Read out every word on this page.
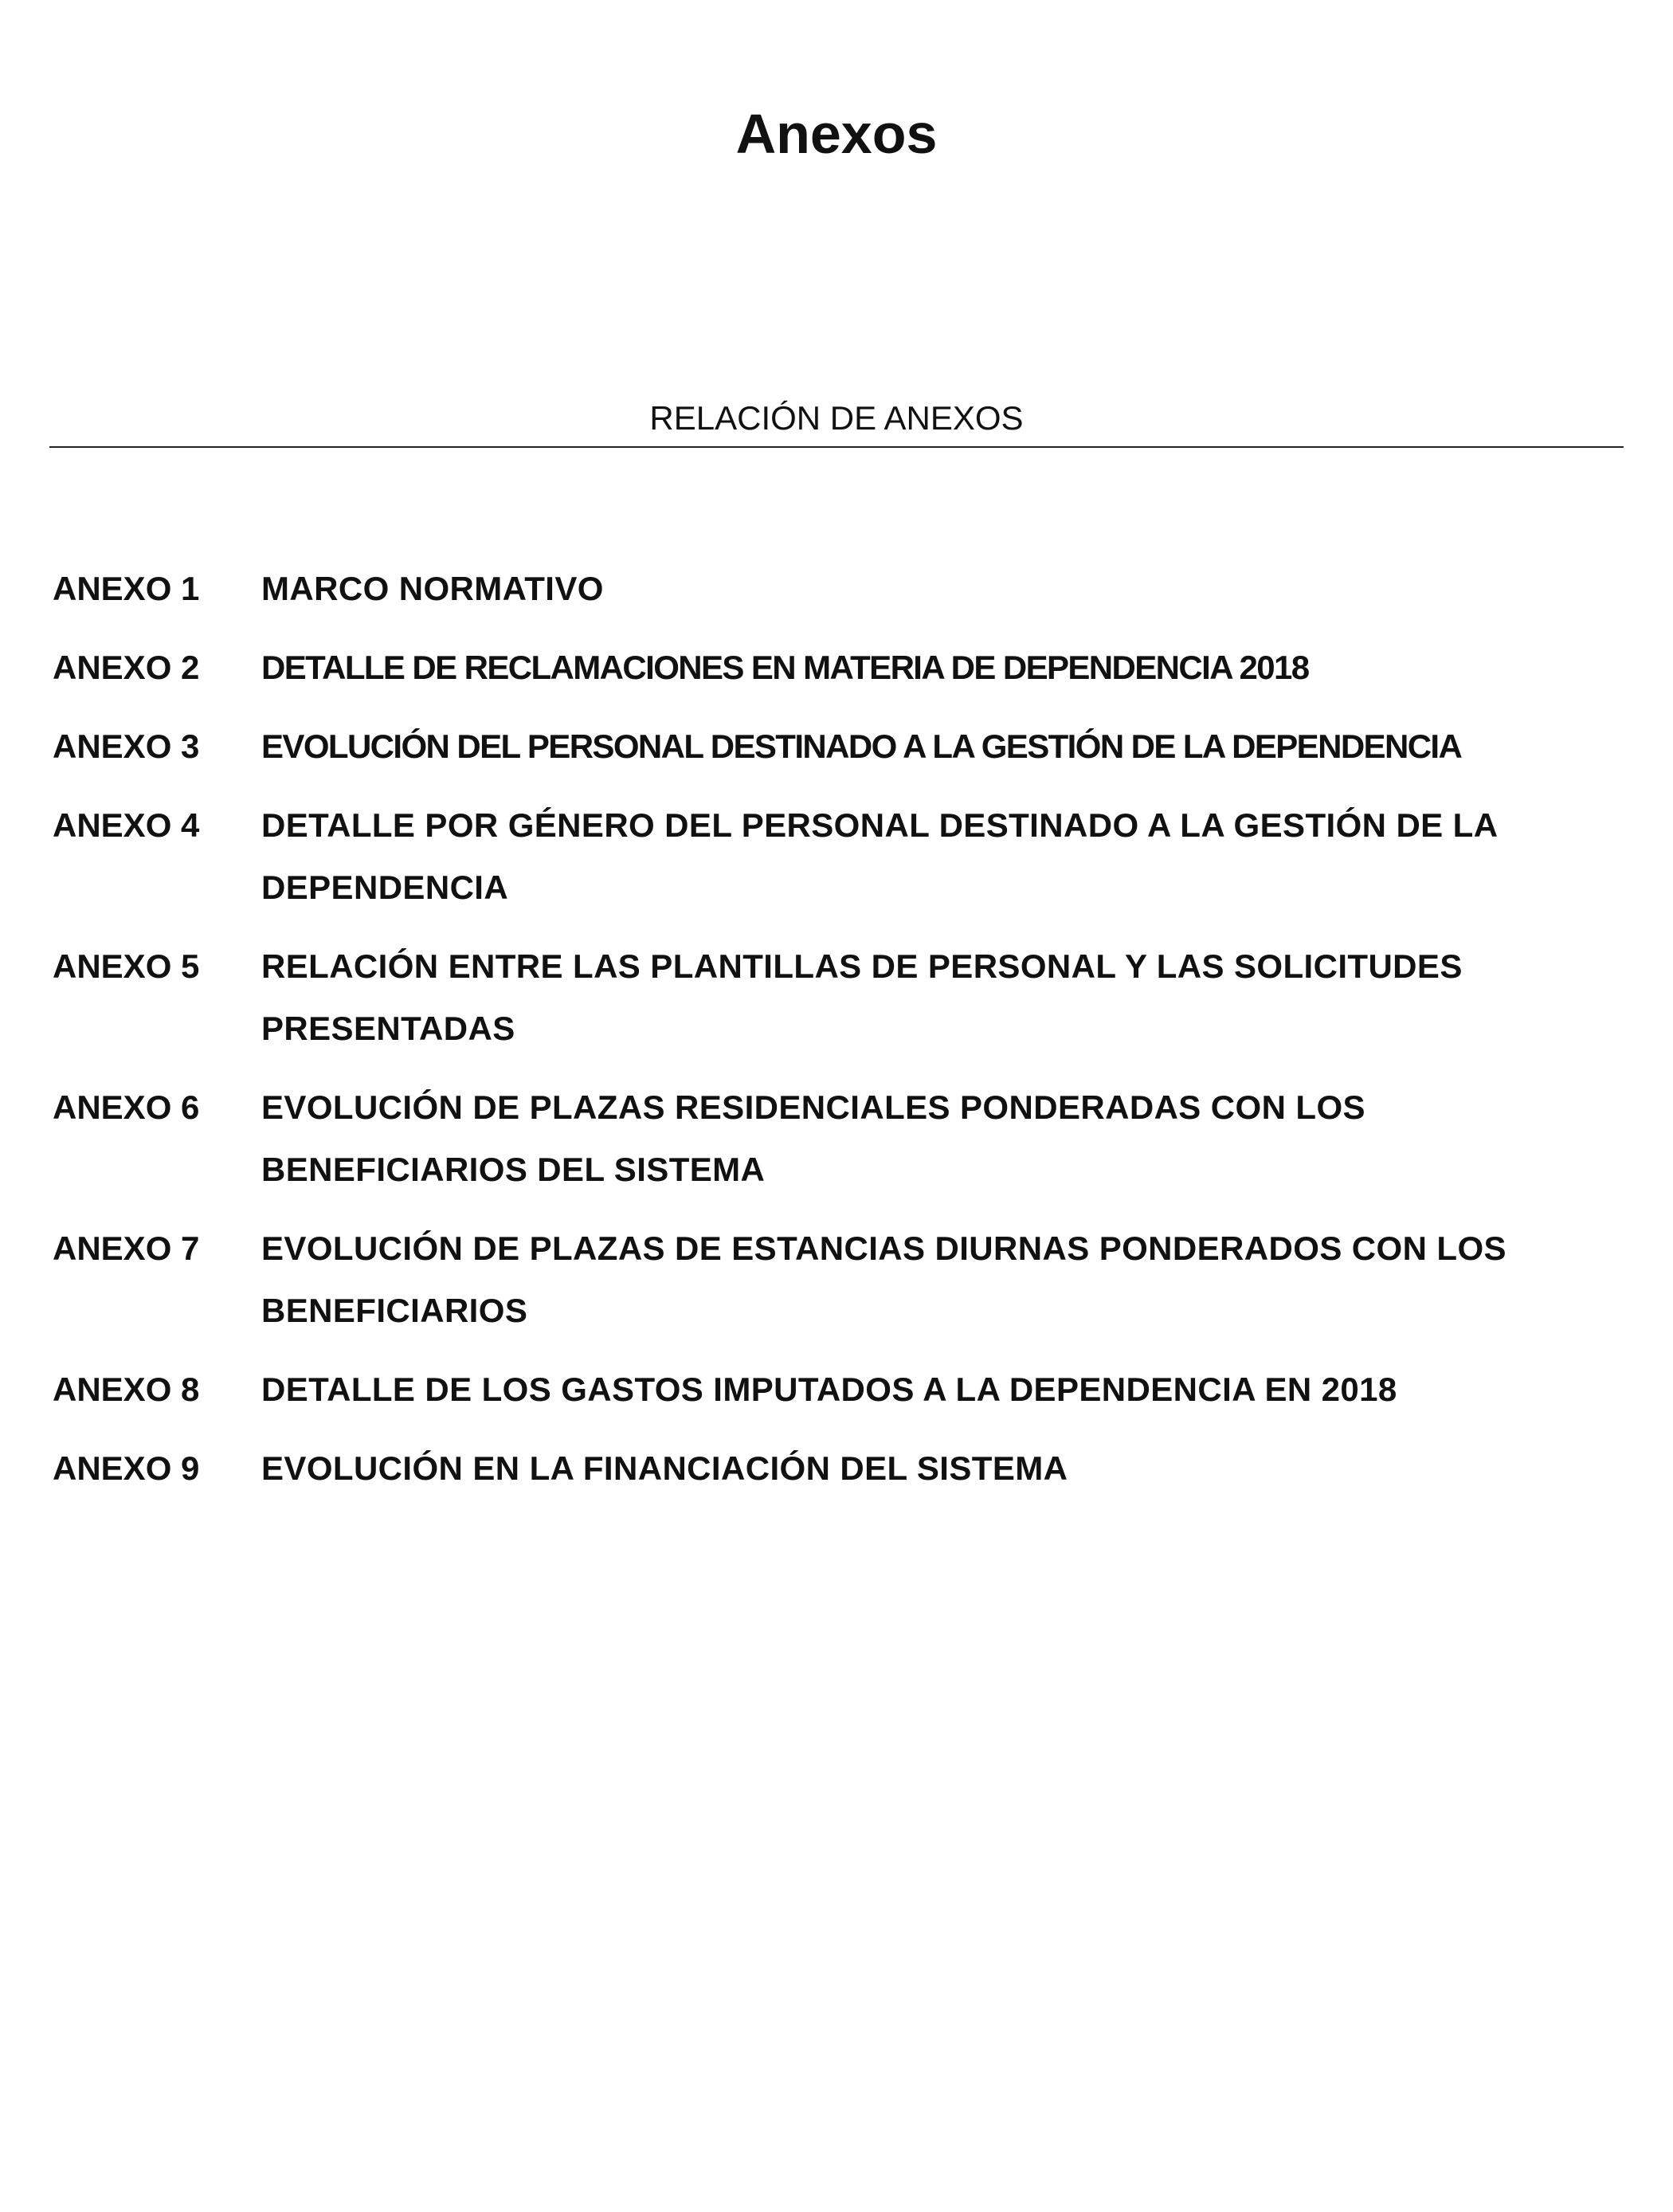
Anexos
RELACIÓN DE ANEXOS
ANEXO 1	MARCO NORMATIVO
ANEXO 2	DETALLE DE RECLAMACIONES EN MATERIA DE DEPENDENCIA 2018
ANEXO 3	EVOLUCIÓN DEL PERSONAL DESTINADO A LA GESTIÓN DE LA DEPENDENCIA
ANEXO 4	DETALLE POR GÉNERO DEL PERSONAL DESTINADO A LA GESTIÓN DE LA DEPENDENCIA
ANEXO 5	RELACIÓN ENTRE LAS PLANTILLAS DE PERSONAL Y LAS SOLICITUDES PRESENTADAS
ANEXO 6	EVOLUCIÓN DE PLAZAS RESIDENCIALES PONDERADAS CON LOS BENEFICIARIOS DEL SISTEMA
ANEXO 7	EVOLUCIÓN DE PLAZAS DE ESTANCIAS DIURNAS PONDERADOS CON LOS BENEFICIARIOS
ANEXO 8	DETALLE DE LOS GASTOS IMPUTADOS A LA DEPENDENCIA EN 2018
ANEXO 9	EVOLUCIÓN EN LA FINANCIACIÓN DEL SISTEMA
